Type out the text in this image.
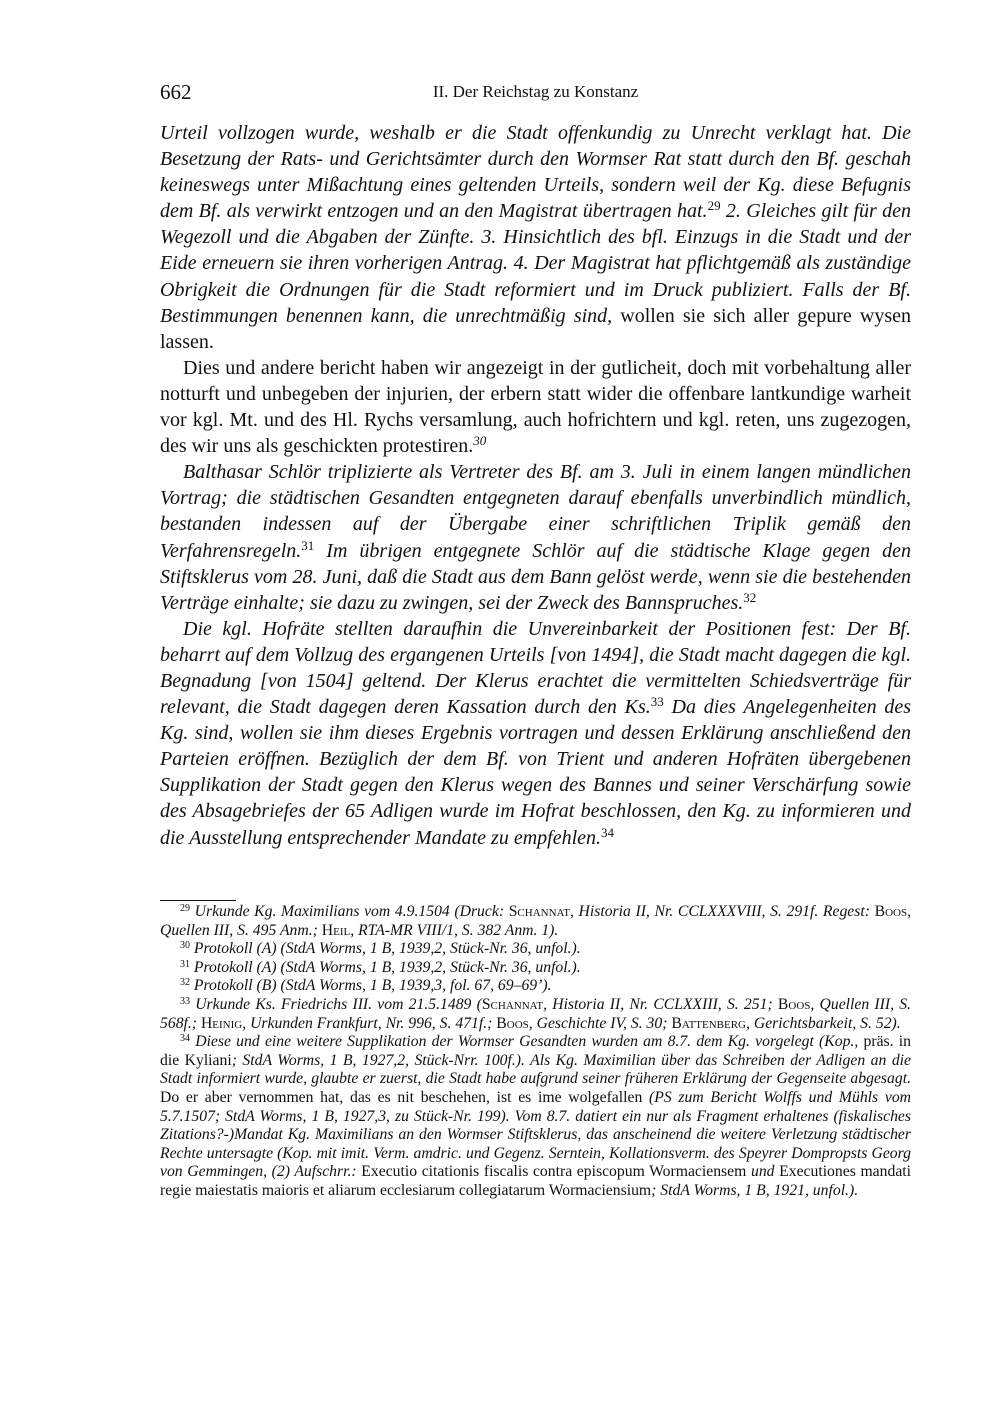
662	II. Der Reichstag zu Konstanz

Urteil vollzogen wurde, weshalb er die Stadt offenkundig zu Unrecht verklagt hat. Die Besetzung der Rats- und Gerichtsämter durch den Wormser Rat statt durch den Bf. geschah keineswegs unter Mißachtung eines geltenden Urteils, sondern weil der Kg. diese Befugnis dem Bf. als verwirkt entzogen und an den Magistrat übertragen hat.$^{29}$ 2. Gleiches gilt für den Wegezoll und die Abgaben der Zünfte. 3. Hinsichtlich des bfl. Einzugs in die Stadt und der Eide erneuern sie ihren vorherigen Antrag. 4. Der Magistrat hat pflichtgemäß als zuständige Obrigkeit die Ordnungen für die Stadt reformiert und im Druck publiziert. Falls der Bf. Bestimmungen benennen kann, die unrechtmäßig sind, wollen sie sich aller gepure wysen lassen.

Dies und andere bericht haben wir angezeigt in der gutlicheit, doch mit vorbehaltung aller notturft und unbegeben der injurien, der erbern statt wider die offenbare lantkundige warheit vor kgl. Mt. und des Hl. Rychs versamlung, auch hofrichtern und kgl. reten, uns zugezogen, des wir uns als geschickten protestiren.$^{30}$

Balthasar Schlör triplizierte als Vertreter des Bf. am 3. Juli in einem langen mündlichen Vortrag; die städtischen Gesandten entgegneten darauf ebenfalls unverbindlich mündlich, bestanden indessen auf der Übergabe einer schriftlichen Triplik gemäß den Verfahrensregeln.$^{31}$ Im übrigen entgegnete Schlör auf die städtische Klage gegen den Stiftsklerus vom 28. Juni, daß die Stadt aus dem Bann gelöst werde, wenn sie die bestehenden Verträge einhalte; sie dazu zu zwingen, sei der Zweck des Bannspruches.$^{32}$

Die kgl. Hofräte stellten daraufhin die Unvereinbarkeit der Positionen fest: Der Bf. beharrt auf dem Vollzug des ergangenen Urteils [von 1494], die Stadt macht dagegen die kgl. Begnadung [von 1504] geltend. Der Klerus erachtet die vermittelten Schiedsverträge für relevant, die Stadt dagegen deren Kassation durch den Ks.$^{33}$ Da dies Angelegenheiten des Kg. sind, wollen sie ihm dieses Ergebnis vortragen und dessen Erklärung anschließend den Parteien eröffnen. Bezüglich der dem Bf. von Trient und anderen Hofräten übergebenen Supplikation der Stadt gegen den Klerus wegen des Bannes und seiner Verschärfung sowie des Absagebriefes der 65 Adligen wurde im Hofrat beschlossen, den Kg. zu informieren und die Ausstellung entsprechender Mandate zu empfehlen.$^{34}$

$^{29}$ Urkunde Kg. Maximilians vom 4.9.1504 (Druck: Schannat, Historia II, Nr. CCLXXXVIII, S. 291f. Regest: Boos, Quellen III, S. 495 Anm.; Heil, RTA-MR VIII/1, S. 382 Anm. 1).

$^{30}$ Protokoll (A) (StdA Worms, 1 B, 1939,2, Stück-Nr. 36, unfol.).

$^{31}$ Protokoll (A) (StdA Worms, 1 B, 1939,2, Stück-Nr. 36, unfol.).

$^{32}$ Protokoll (B) (StdA Worms, 1 B, 1939,3, fol. 67, 69–69’).

$^{33}$ Urkunde Ks. Friedrichs III. vom 21.5.1489 (Schannat, Historia II, Nr. CCLXXIII, S. 251; Boos, Quellen III, S. 568f.; Heinig, Urkunden Frankfurt, Nr. 996, S. 471f.; Boos, Geschichte IV, S. 30; Battenberg, Gerichtsbarkeit, S. 52).

$^{34}$ Diese und eine weitere Supplikation der Wormser Gesandten wurden am 8.7. dem Kg. vorgelegt (Kop., präs. in die Kyliani; StdA Worms, 1 B, 1927,2, Stück-Nrr. 100f.). Als Kg. Maximilian über das Schreiben der Adligen an die Stadt informiert wurde, glaubte er zuerst, die Stadt habe aufgrund seiner früheren Erklärung der Gegenseite abgesagt. Do er aber vernommen hat, das es nit beschehen, ist es ime wolgefallen (PS zum Bericht Wolffs und Mühls vom 5.7.1507; StdA Worms, 1 B, 1927,3, zu Stück-Nr. 199). Vom 8.7. datiert ein nur als Fragment erhaltenes (fiskalisches Zitations?-)Mandat Kg. Maximilians an den Wormser Stiftsklerus, das anscheinend die weitere Verletzung städtischer Rechte untersagte (Kop. mit imit. Verm. amdric. und Gegenz. Serntein, Kollationsverm. des Speyrer Dompropsts Georg von Gemmingen, (2) Aufschrr.: Executio citationis fiscalis contra episcopum Wormaciensem und Executiones mandati regie maiestatis maioris et aliarum ecclesiarum collegiatarum Wormaciensium; StdA Worms, 1 B, 1921, unfol.).
